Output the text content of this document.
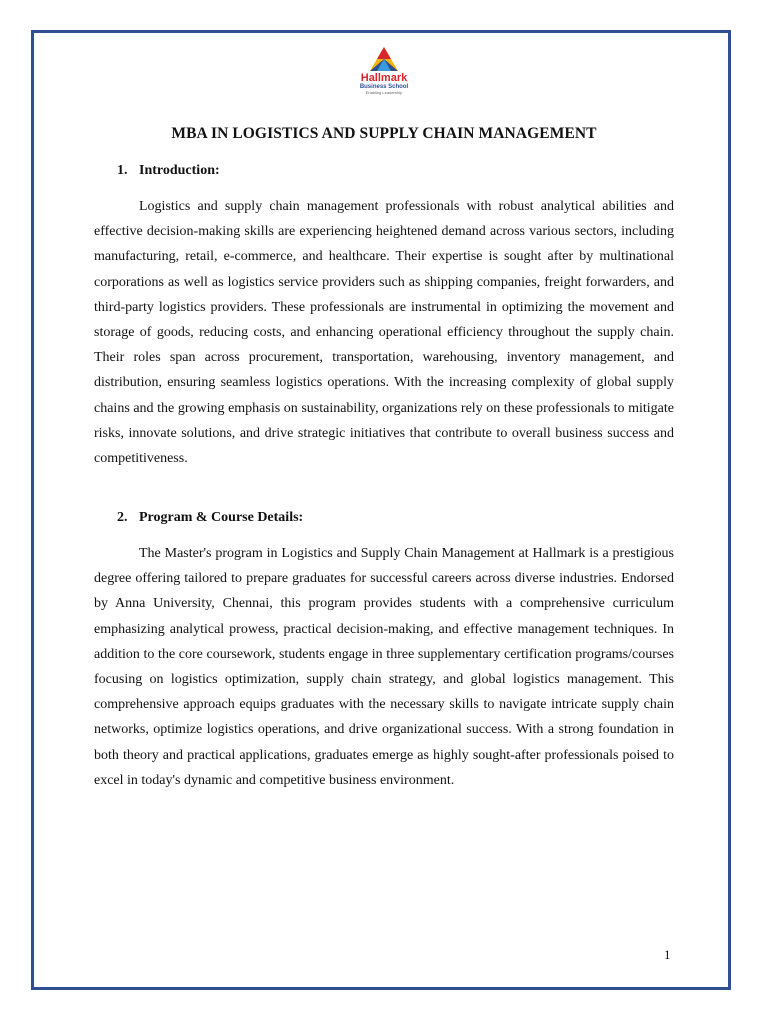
Hallmark
Business School
Enabling Leadership
MBA IN LOGISTICS AND SUPPLY CHAIN MANAGEMENT
1. Introduction:

Logistics and supply chain management professionals with robust analytical abilities and effective decision-making skills are experiencing heightened demand across various sectors, including manufacturing, retail, e-commerce, and healthcare. Their expertise is sought after by multinational corporations as well as logistics service providers such as shipping companies, freight forwarders, and third-party logistics providers. These professionals are instrumental in optimizing the movement and storage of goods, reducing costs, and enhancing operational efficiency throughout the supply chain. Their roles span across procurement, transportation, warehousing, inventory management, and distribution, ensuring seamless logistics operations. With the increasing complexity of global supply chains and the growing emphasis on sustainability, organizations rely on these professionals to mitigate risks, innovate solutions, and drive strategic initiatives that contribute to overall business success and competitiveness.

2. Program & Course Details:

The Master's program in Logistics and Supply Chain Management at Hallmark is a prestigious degree offering tailored to prepare graduates for successful careers across diverse industries. Endorsed by Anna University, Chennai, this program provides students with a comprehensive curriculum emphasizing analytical prowess, practical decision-making, and effective management techniques. In addition to the core coursework, students engage in three supplementary certification programs/courses focusing on logistics optimization, supply chain strategy, and global logistics management. This comprehensive approach equips graduates with the necessary skills to navigate intricate supply chain networks, optimize logistics operations, and drive organizational success. With a strong foundation in both theory and practical applications, graduates emerge as highly sought-after professionals poised to excel in today's dynamic and competitive business environment.

1
